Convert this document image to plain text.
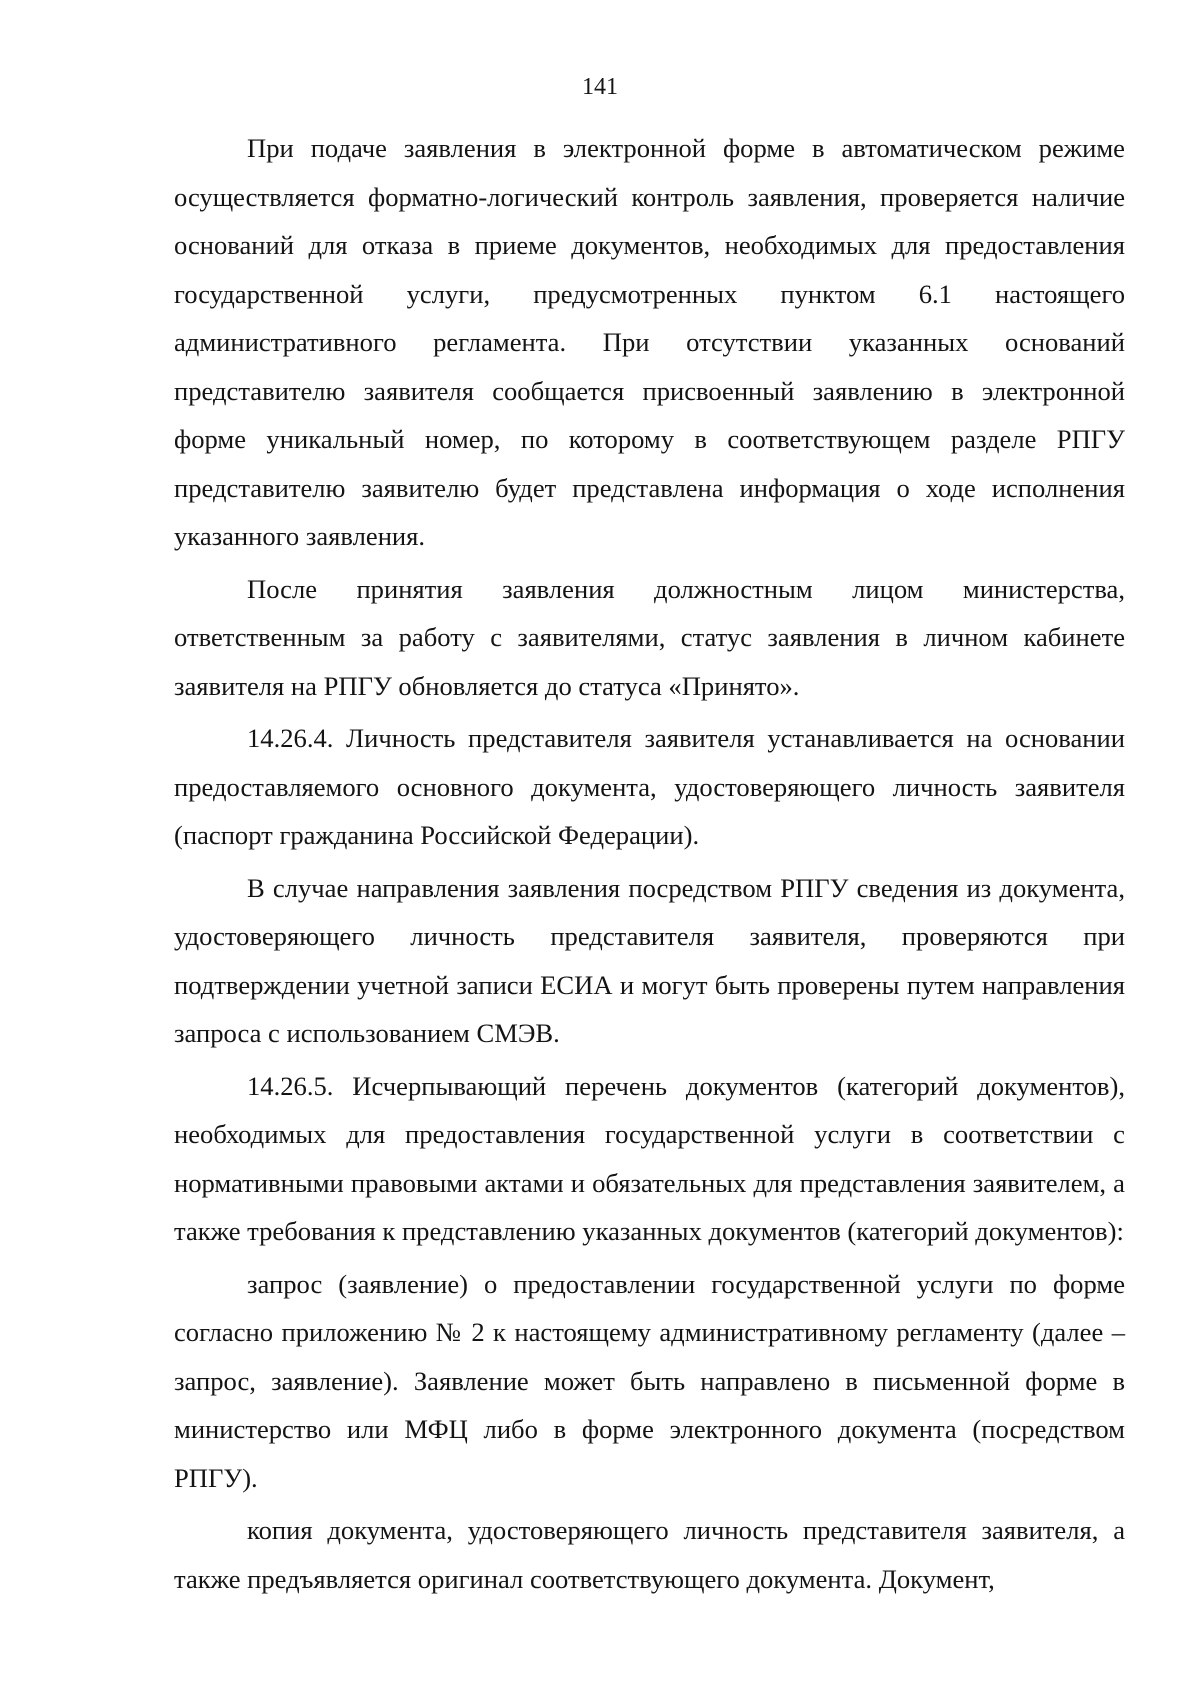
141

При подаче заявления в электронной форме в автоматическом режиме осуществляется форматно-логический контроль заявления, проверяется наличие оснований для отказа в приеме документов, необходимых для предоставления государственной услуги, предусмотренных пунктом 6.1 настоящего административного регламента. При отсутствии указанных оснований представителю заявителя сообщается присвоенный заявлению в электронной форме уникальный номер, по которому в соответствующем разделе РПГУ представителю заявителю будет представлена информация о ходе исполнения указанного заявления.

После принятия заявления должностным лицом министерства, ответственным за работу с заявителями, статус заявления в личном кабинете заявителя на РПГУ обновляется до статуса «Принято».

14.26.4. Личность представителя заявителя устанавливается на основании предоставляемого основного документа, удостоверяющего личность заявителя (паспорт гражданина Российской Федерации).

В случае направления заявления посредством РПГУ сведения из документа, удостоверяющего личность представителя заявителя, проверяются при подтверждении учетной записи ЕСИА и могут быть проверены путем направления запроса с использованием СМЭВ.

14.26.5. Исчерпывающий перечень документов (категорий документов), необходимых для предоставления государственной услуги в соответствии с нормативными правовыми актами и обязательных для представления заявителем, а также требования к представлению указанных документов (категорий документов):

запрос (заявление) о предоставлении государственной услуги по форме согласно приложению № 2 к настоящему административному регламенту (далее – запрос, заявление). Заявление может быть направлено в письменной форме в министерство или МФЦ либо в форме электронного документа (посредством РПГУ).

копия документа, удостоверяющего личность представителя заявителя, а также предъявляется оригинал соответствующего документа. Документ,
